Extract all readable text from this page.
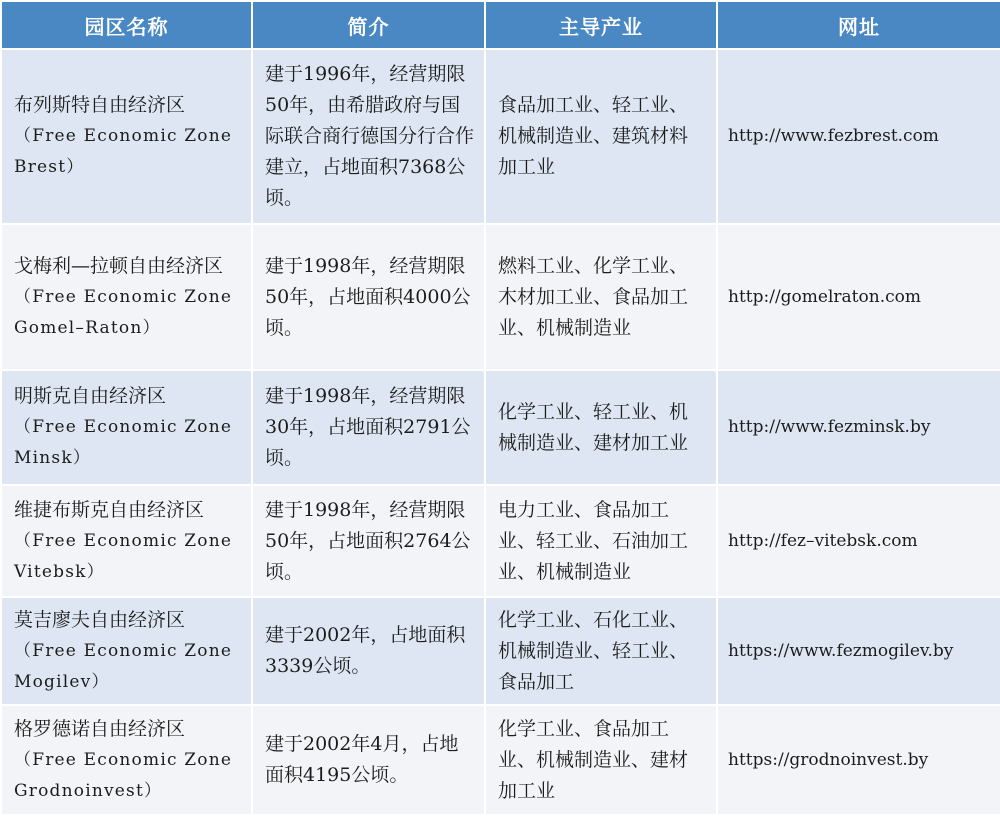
园区名称	简介	主导产业	网址

布列斯特自由经济区
（Free Economic Zone Brest）	建于1996年，经营期限50年，由希腊政府与国际联合商行德国分行合作建立，占地面积7368公顷。	食品加工业、轻工业、机械制造业、建筑材料加工业	http://www.fezbrest.com

戈梅利—拉顿自由经济区
（Free Economic Zone Gomel–Raton）	建于1998年，经营期限50年，占地面积4000公顷。	燃料工业、化学工业、木材加工业、食品加工业、机械制造业	http://gomelraton.com

明斯克自由经济区
（Free Economic Zone Minsk）	建于1998年，经营期限30年，占地面积2791公顷。	化学工业、轻工业、机械制造业、建材加工业	http://www.fezminsk.by

维捷布斯克自由经济区
（Free Economic Zone Vitebsk）	建于1998年，经营期限50年，占地面积2764公顷。	电力工业、食品加工业、轻工业、石油加工业、机械制造业	http://fez–vitebsk.com

莫吉廖夫自由经济区
（Free Economic Zone Mogilev）	建于2002年，占地面积3339公顷。	化学工业、石化工业、机械制造业、轻工业、食品加工	https://www.fezmogilev.by

格罗德诺自由经济区
（Free Economic Zone Grodnoinvest）	建于2002年4月，占地面积4195公顷。	化学工业、食品加工业、机械制造业、建材加工业	https://grodnoinvest.by
